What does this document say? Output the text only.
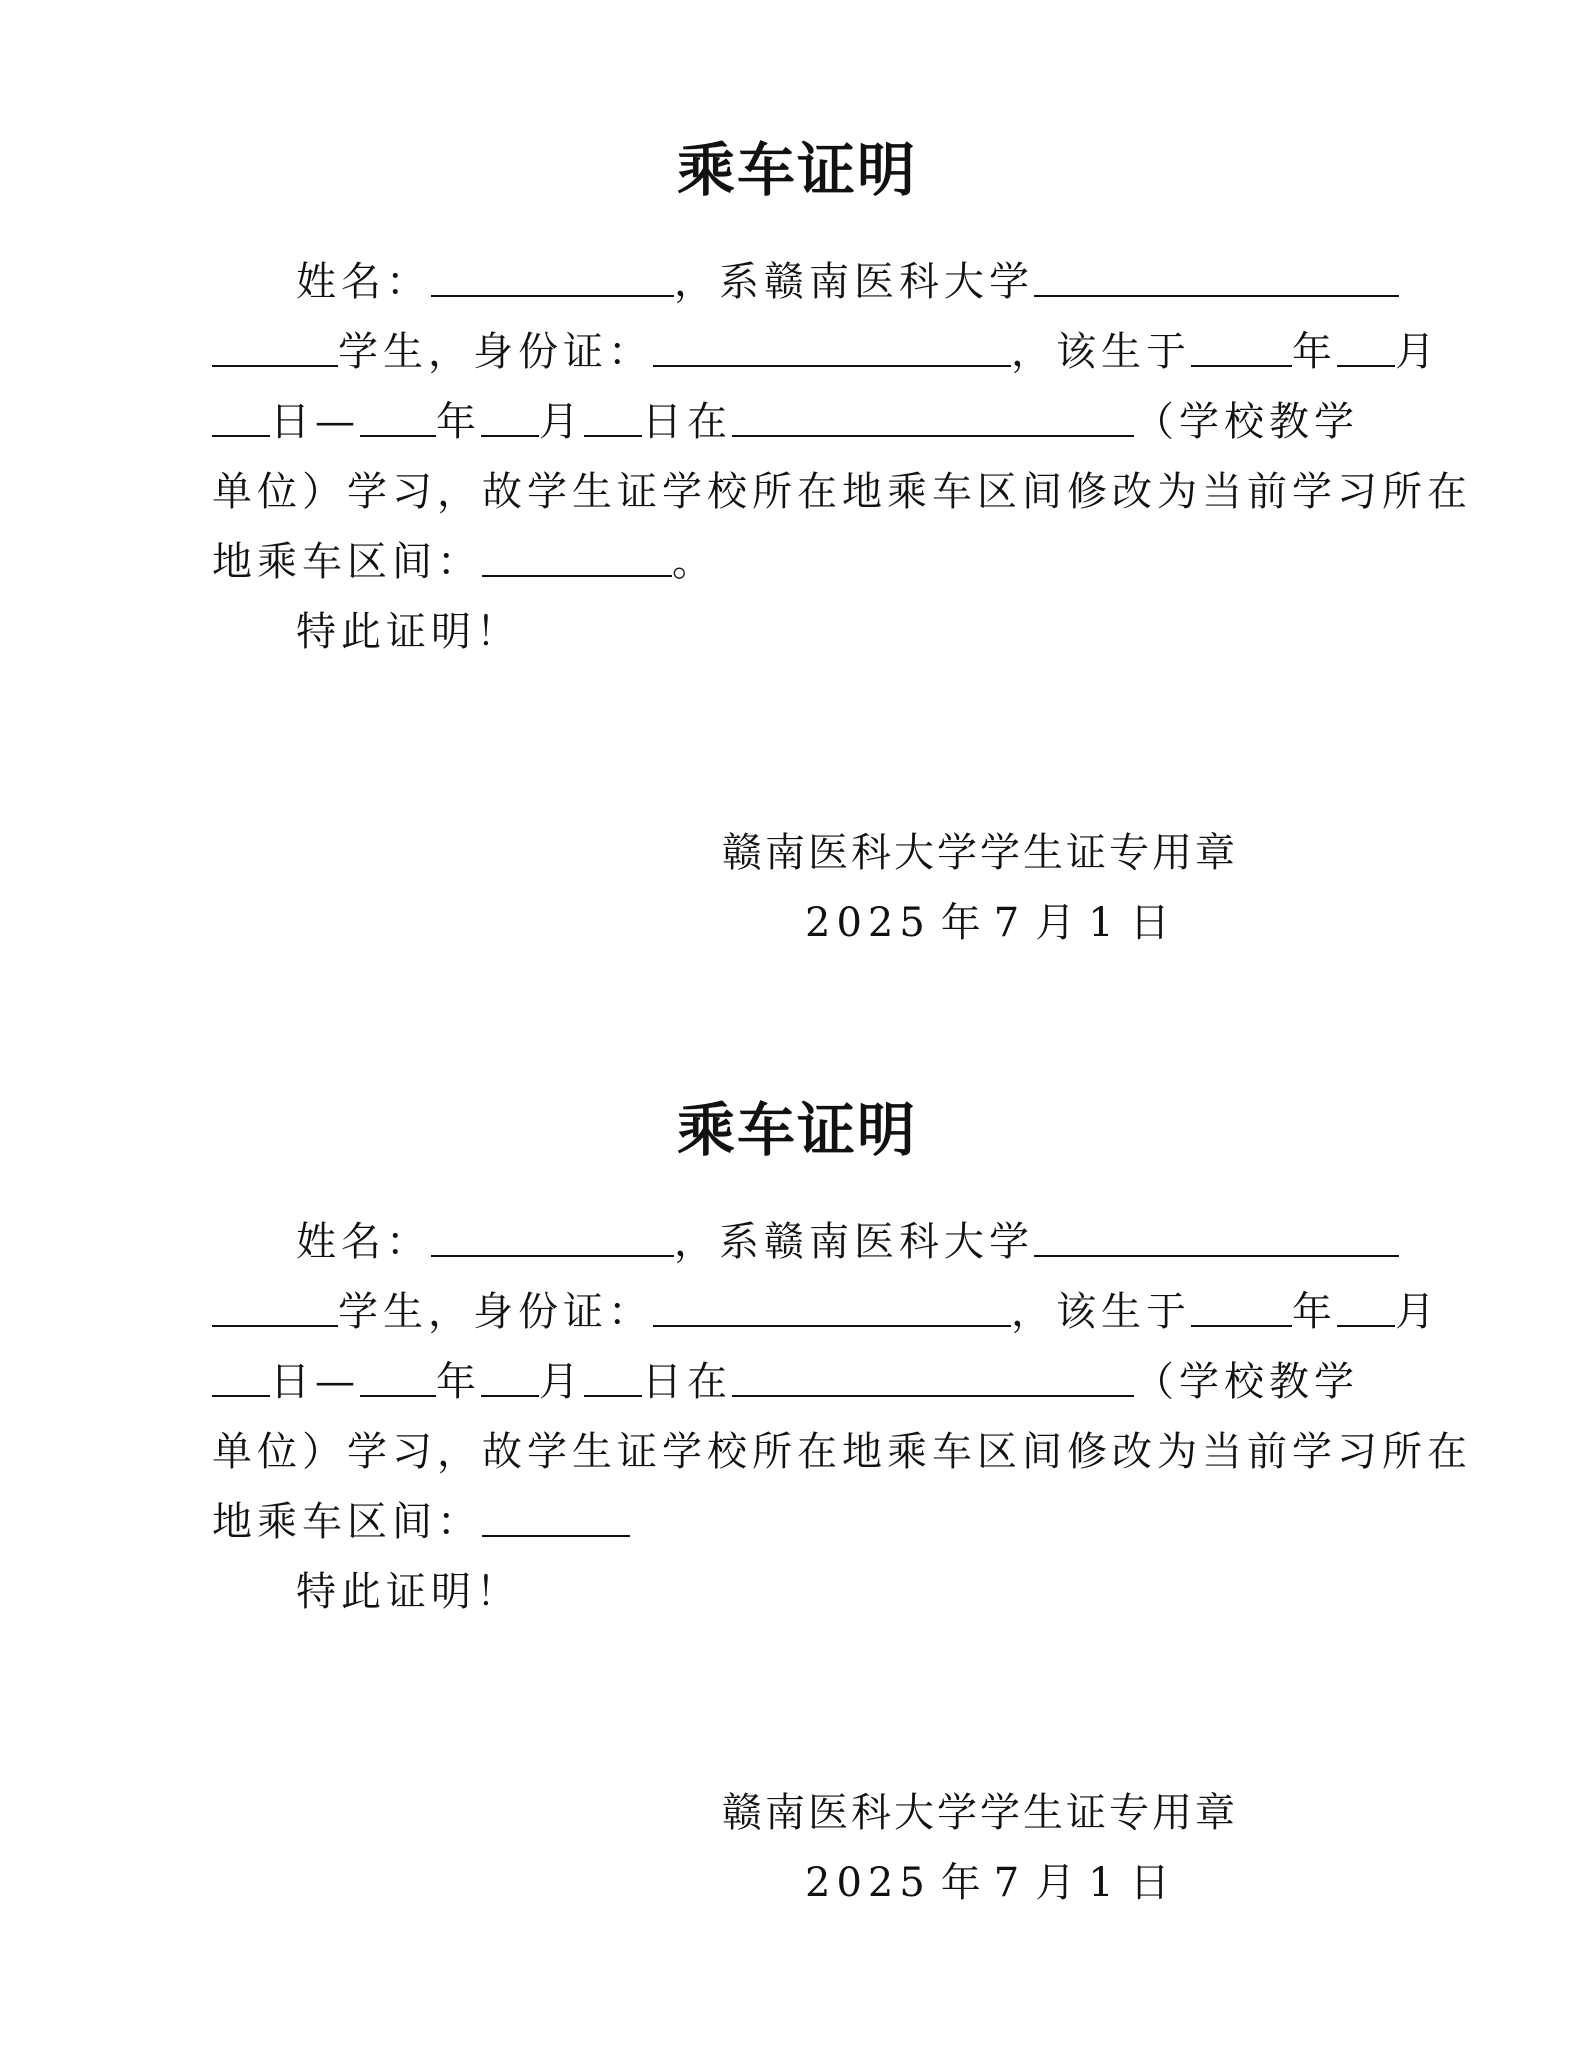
乘车证明
姓名：	，系赣南医科大学
学生，身份证：	，该生于	年 月
日— 年 月 日在	（学校教学
单位）学习，故学生证学校所在地乘车区间修改为当前学习所在
地乘车区间：	。
特此证明！
赣南医科大学学生证专用章
2025 年 7 月 1 日
乘车证明
姓名：	，系赣南医科大学
学生，身份证：	，该生于	年 月
日— 年 月 日在	（学校教学
单位）学习，故学生证学校所在地乘车区间修改为当前学习所在
地乘车区间：
特此证明！
赣南医科大学学生证专用章
2025 年 7 月 1 日
